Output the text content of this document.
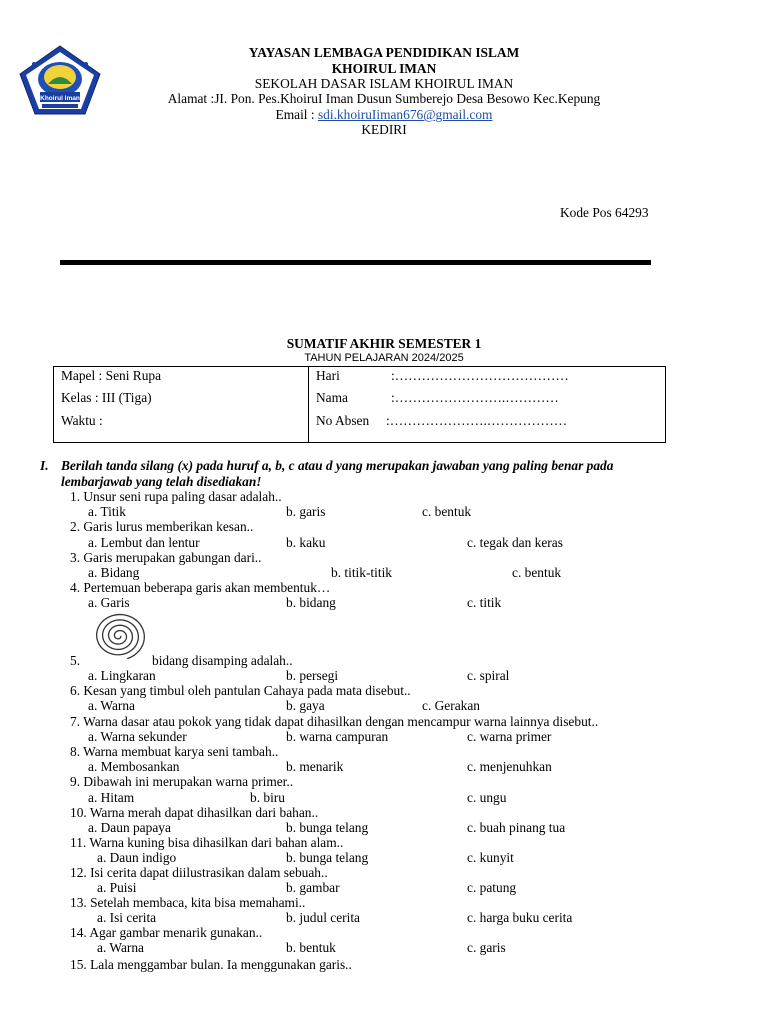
Khoirul Iman
YAYASAN LEMBAGA PENDIDIKAN ISLAM
KHOIRUL IMAN
SEKOLAH DASAR ISLAM KHOIRUL IMAN
Alamat :JI. Pon. Pes.KhoiruI Iman Dusun Sumberejo Desa Besowo Kec.Kepung
Email : sdi.khoiruIiman676@gmail.com
KEDIRI
Kode Pos 64293
SUMATIF AKHIR SEMESTER 1
TAHUN PELAJARAN 2024/2025
Mapel : Seni Rupa
Kelas : III (Tiga)
Waktu :
Hari	:…………………………………
Nama	:…………………….…………
No Absen :………………….………………
I. Berilah tanda silang (x) pada huruf a, b, c atau d yang merupakan jawaban yang paling benar pada
lembarjawab yang telah disediakan!
1. Unsur seni rupa paling dasar adalah..
a. Titik	b. garis	c. bentuk
2. Garis lurus memberikan kesan..
a. Lembut dan lentur	b. kaku	c. tegak dan keras
3. Garis merupakan gabungan dari..
a. Bidang	b. titik-titik	c. bentuk
4. Pertemuan beberapa garis akan membentuk…
a. Garis	b. bidang	c. titik
5.	bidang disamping adalah..
a. Lingkaran	b. persegi	c. spiral
6. Kesan yang timbul oleh pantulan Cahaya pada mata disebut..
a. Warna	b. gaya	c. Gerakan
7. Warna dasar atau pokok yang tidak dapat dihasilkan dengan mencampur warna lainnya disebut..
a. Warna sekunder	b. warna campuran	c. warna primer
8. Warna membuat karya seni tambah..
a. Membosankan	b. menarik	c. menjenuhkan
9. Dibawah ini merupakan warna primer..
a. Hitam	b. biru	c. ungu
10. Warna merah dapat dihasilkan dari bahan..
a. Daun papaya	b. bunga telang	c. buah pinang tua
11. Warna kuning bisa dihasilkan dari bahan alam..
a. Daun indigo	b. bunga telang	c. kunyit
12. Isi cerita dapat diilustrasikan dalam sebuah..
a. Puisi	b. gambar	c. patung
13. Setelah membaca, kita bisa memahami..
a. Isi cerita	b. judul cerita	c. harga buku cerita
14. Agar gambar menarik gunakan..
a. Warna	b. bentuk	c. garis
15. Lala menggambar bulan. Ia menggunakan garis..
